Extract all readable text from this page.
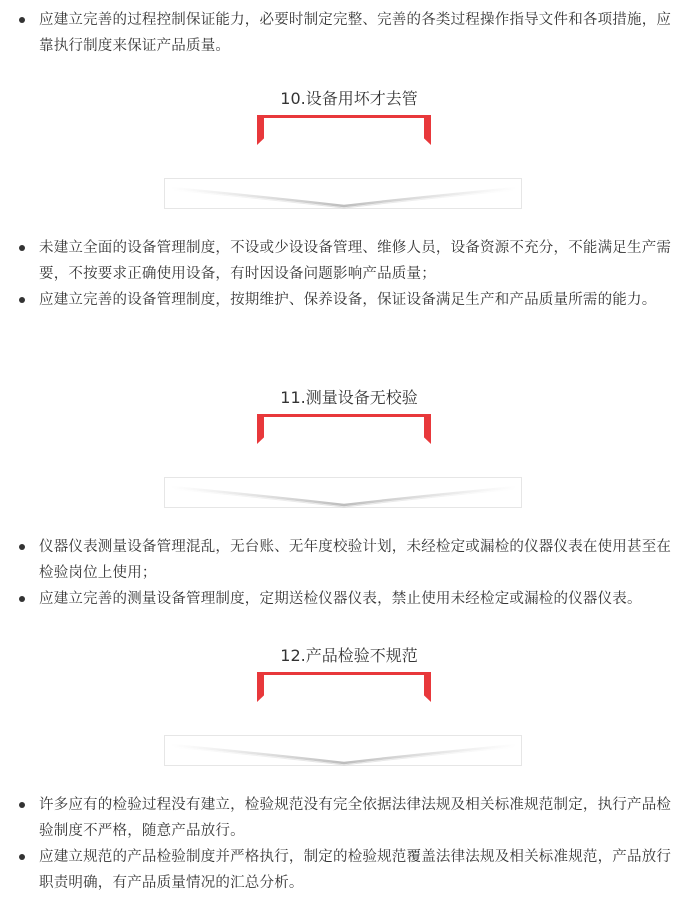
应建立完善的过程控制保证能力，必要时制定完整、完善的各类过程操作指导文件和各项措施，应靠执行制度来保证产品质量。
10.设备用坏才去管
未建立全面的设备管理制度，不设或少设设备管理、维修人员，设备资源不充分，不能满足生产需要，不按要求正确使用设备，有时因设备问题影响产品质量；
应建立完善的设备管理制度，按期维护、保养设备，保证设备满足生产和产品质量所需的能力。
11.测量设备无校验
仪器仪表测量设备管理混乱，无台账、无年度校验计划，未经检定或漏检的仪器仪表在使用甚至在检验岗位上使用；
应建立完善的测量设备管理制度，定期送检仪器仪表，禁止使用未经检定或漏检的仪器仪表。
12.产品检验不规范
许多应有的检验过程没有建立，检验规范没有完全依据法律法规及相关标准规范制定，执行产品检验制度不严格，随意产品放行。
应建立规范的产品检验制度并严格执行，制定的检验规范覆盖法律法规及相关标准规范，产品放行职责明确，有产品质量情况的汇总分析。
